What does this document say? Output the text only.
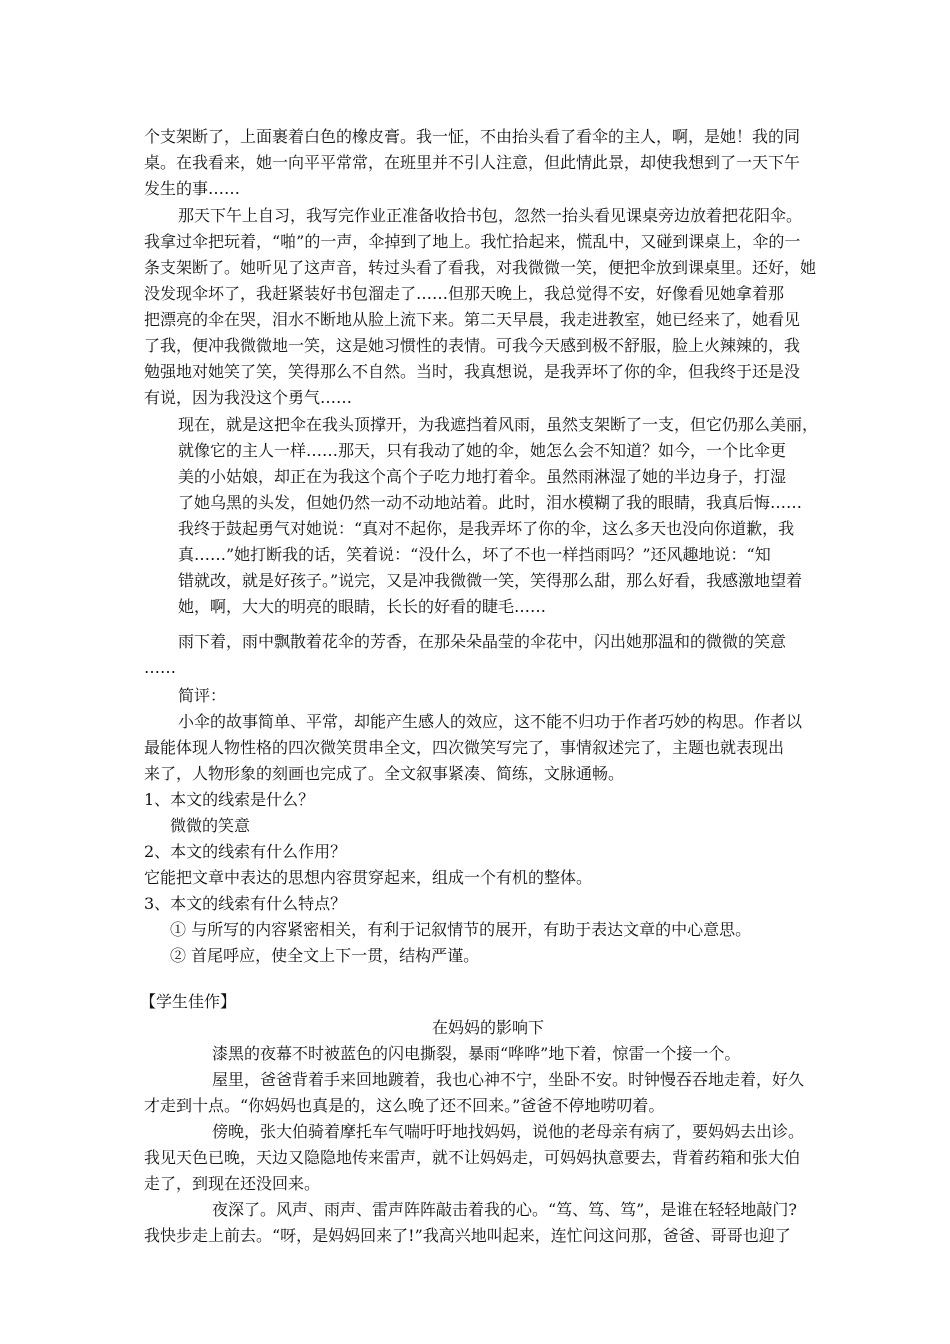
个支架断了，上面裹着白色的橡皮膏。我一怔，不由抬头看了看伞的主人，啊，是她！我的同
桌。在我看来，她一向平平常常，在班里并不引人注意，但此情此景，却使我想到了一天下午
发生的事……
那天下午上自习，我写完作业正准备收拾书包，忽然一抬头看见课桌旁边放着把花阳伞。
我拿过伞把玩着，“啪”的一声，伞掉到了地上。我忙拾起来，慌乱中，又碰到课桌上，伞的一
条支架断了。她听见了这声音，转过头看了看我，对我微微一笑，便把伞放到课桌里。还好，她
没发现伞坏了，我赶紧装好书包溜走了……但那天晚上，我总觉得不安，好像看见她拿着那
把漂亮的伞在哭，泪水不断地从脸上流下来。第二天早晨，我走进教室，她已经来了，她看见
了我，便冲我微微地一笑，这是她习惯性的表情。可我今天感到极不舒服，脸上火辣辣的，我
勉强地对她笑了笑，笑得那么不自然。当时，我真想说，是我弄坏了你的伞，但我终于还是没
有说，因为我没这个勇气……
现在，就是这把伞在我头顶撑开，为我遮挡着风雨，虽然支架断了一支，但它仍那么美丽，
就像它的主人一样……那天，只有我动了她的伞，她怎么会不知道？如今，一个比伞更
美的小姑娘，却正在为我这个高个子吃力地打着伞。虽然雨淋湿了她的半边身子，打湿
了她乌黑的头发，但她仍然一动不动地站着。此时，泪水模糊了我的眼睛，我真后悔……
我终于鼓起勇气对她说：“真对不起你，是我弄坏了你的伞，这么多天也没向你道歉，我
真……”她打断我的话，笑着说：“没什么，坏了不也一样挡雨吗？”还风趣地说：“知
错就改，就是好孩子。”说完，又是冲我微微一笑，笑得那么甜，那么好看，我感激地望着
她，啊，大大的明亮的眼睛，长长的好看的睫毛……
雨下着，雨中飘散着花伞的芳香，在那朵朵晶莹的伞花中，闪出她那温和的微微的笑意
……
简评：
小伞的故事简单、平常，却能产生感人的效应，这不能不归功于作者巧妙的构思。作者以
最能体现人物性格的四次微笑贯串全文，四次微笑写完了，事情叙述完了，主题也就表现出
来了，人物形象的刻画也完成了。全文叙事紧凑、简练，文脉通畅。
1、本文的线索是什么？
微微的笑意
2、本文的线索有什么作用？
它能把文章中表达的思想内容贯穿起来，组成一个有机的整体。
3、本文的线索有什么特点？
① 与所写的内容紧密相关，有利于记叙情节的展开，有助于表达文章的中心意思。
② 首尾呼应，使全文上下一贯，结构严谨。
【学生佳作】
在妈妈的影响下
漆黑的夜幕不时被蓝色的闪电撕裂，暴雨“哗哗”地下着，惊雷一个接一个。
屋里，爸爸背着手来回地踱着，我也心神不宁，坐卧不安。时钟慢吞吞地走着，好久
才走到十点。“你妈妈也真是的，这么晚了还不回来。”爸爸不停地唠叨着。
傍晚，张大伯骑着摩托车气喘吁吁地找妈妈，说他的老母亲有病了，要妈妈去出诊。
我见天色已晚，天边又隐隐地传来雷声，就不让妈妈走，可妈妈执意要去，背着药箱和张大伯
走了，到现在还没回来。
夜深了。风声、雨声、雷声阵阵敲击着我的心。“笃、笃、笃”，是谁在轻轻地敲门?
我快步走上前去。“呀，是妈妈回来了!”我高兴地叫起来，连忙问这问那，爸爸、哥哥也迎了
